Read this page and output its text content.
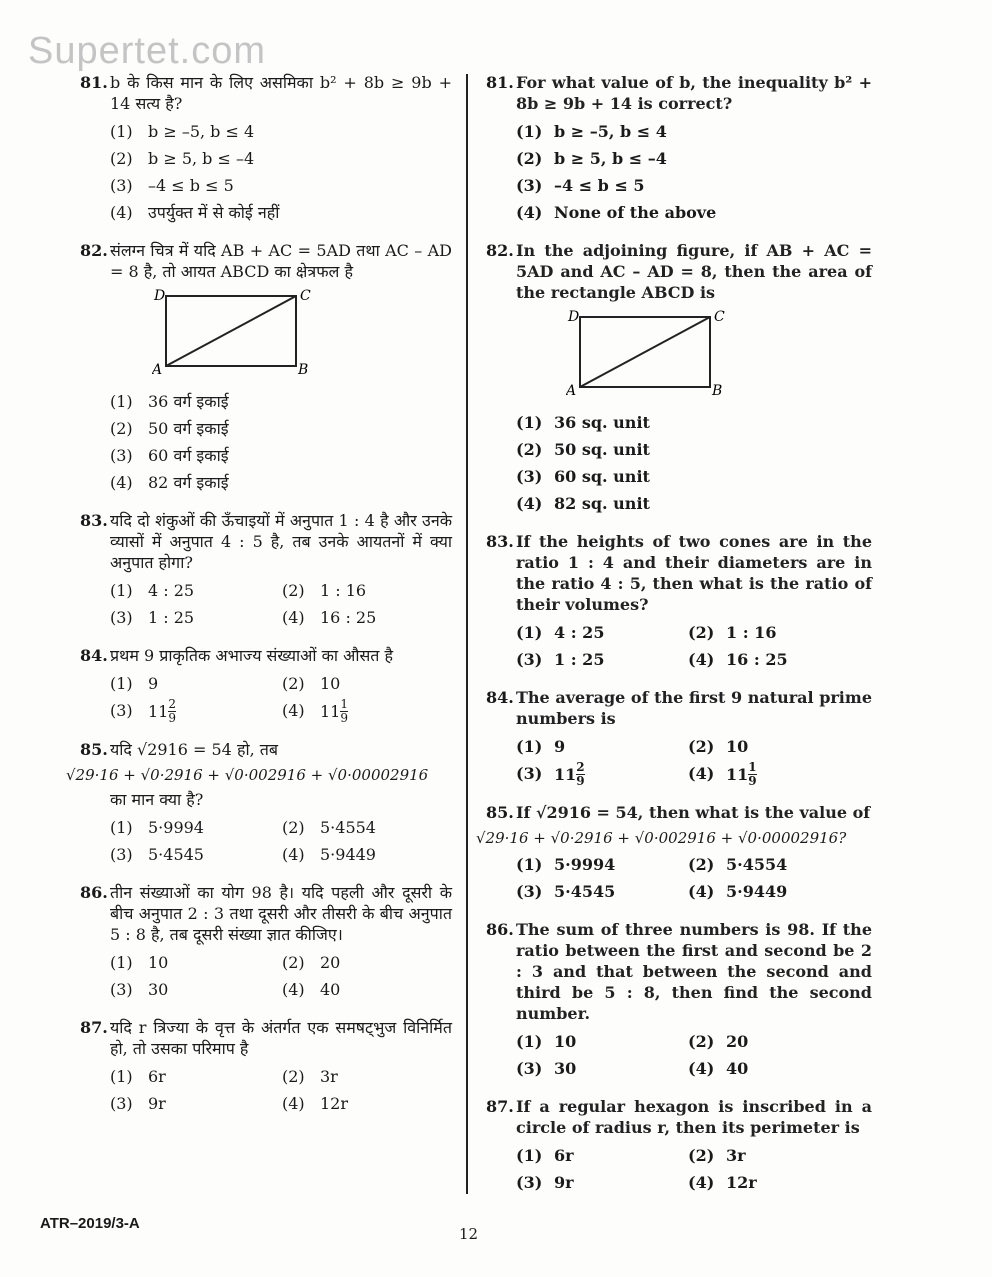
Supertet.com
81. b के किस मान के लिए असमिका b² + 8b ≥ 9b + 14 सत्य है?
(1) b ≥ –5, b ≤ 4
(2) b ≥ 5, b ≤ –4
(3) –4 ≤ b ≤ 5
(4) उपर्युक्त में से कोई नहीं
82. संलग्न चित्र में यदि AB + AC = 5AD तथा AC – AD = 8 है, तो आयत ABCD का क्षेत्रफल है
D	C
A	B
(1) 36 वर्ग इकाई
(2) 50 वर्ग इकाई
(3) 60 वर्ग इकाई
(4) 82 वर्ग इकाई
83. यदि दो शंकुओं की ऊँचाइयों में अनुपात 1 : 4 है और उनके व्यासों में अनुपात 4 : 5 है, तब उनके आयतनों में क्या अनुपात होगा?
(1) 4 : 25	(2) 1 : 16
(3) 1 : 25	(4) 16 : 25
84. प्रथम 9 प्राकृतिक अभाज्य संख्याओं का औसत है
(1) 9	(2) 10
(3) $11 \frac{2}{9}$	(4) $11 \frac{1}{9}$
85. यदि √2916 = 54 हो, तब
√29·16 + √0·2916 + √0·002916 + √0·00002916
का मान क्या है?
(1) 5·9994	(2) 5·4554
(3) 5·4545	(4) 5·9449
86. तीन संख्याओं का योग 98 है। यदि पहली और दूसरी के बीच अनुपात 2 : 3 तथा दूसरी और तीसरी के बीच अनुपात 5 : 8 है, तब दूसरी संख्या ज्ञात कीजिए।
(1) 10	(2) 20
(3) 30	(4) 40
87. यदि r त्रिज्या के वृत्त के अंतर्गत एक समषट्भुज विनिर्मित हो, तो उसका परिमाप है
(1) 6r	(2) 3r
(3) 9r	(4) 12r
81. For what value of b, the inequality b² + 8b ≥ 9b + 14 is correct?
(1) b ≥ –5, b ≤ 4
(2) b ≥ 5, b ≤ –4
(3) –4 ≤ b ≤ 5
(4) None of the above
82. In the adjoining figure, if AB + AC = 5AD and AC – AD = 8, then the area of the rectangle ABCD is
D	C
A	B
(1) 36 sq. unit
(2) 50 sq. unit
(3) 60 sq. unit
(4) 82 sq. unit
83. If the heights of two cones are in the ratio 1 : 4 and their diameters are in the ratio 4 : 5, then what is the ratio of their volumes?
(1) 4 : 25	(2) 1 : 16
(3) 1 : 25	(4) 16 : 25
84. The average of the first 9 natural prime numbers is
(1) 9	(2) 10
(3) $11 \frac{2}{9}$	(4) $11 \frac{1}{9}$
85. If √2916 = 54, then what is the value of
√29·16 + √0·2916 + √0·002916 + √0·00002916?
(1) 5·9994	(2) 5·4554
(3) 5·4545	(4) 5·9449
86. The sum of three numbers is 98. If the ratio between the first and second be 2 : 3 and that between the second and third be 5 : 8, then find the second number.
(1) 10	(2) 20
(3) 30	(4) 40
87. If a regular hexagon is inscribed in a circle of radius r, then its perimeter is
(1) 6r	(2) 3r
(3) 9r	(4) 12r
ATR–2019/3-A
12
